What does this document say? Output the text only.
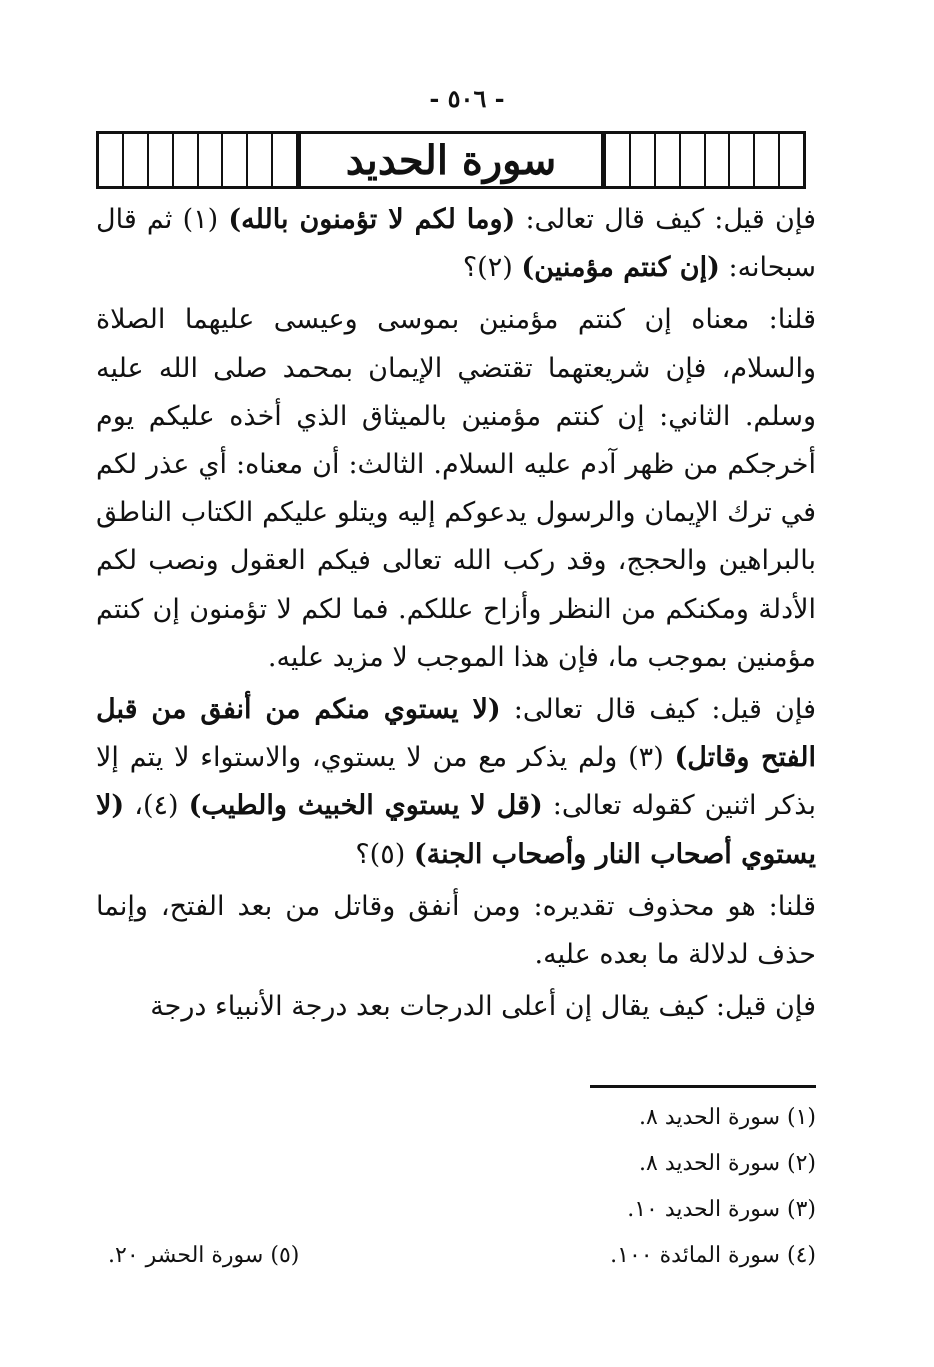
- ٥٠٦ -
سورة الحديد

فإن قيل: كيف قال تعالى: (وما لكم لا تؤمنون بالله) (١) ثم قال سبحانه: (إن كنتم مؤمنين) (٢)؟

قلنا: معناه إن كنتم مؤمنين بموسى وعيسى عليهما الصلاة والسلام، فإن شريعتهما تقتضي الإيمان بمحمد صلى الله عليه وسلم. الثاني: إن كنتم مؤمنين بالميثاق الذي أخذه عليكم يوم أخرجكم من ظهر آدم عليه السلام. الثالث: أن معناه: أي عذر لكم في ترك الإيمان والرسول يدعوكم إليه ويتلو عليكم الكتاب الناطق بالبراهين والحجج، وقد ركب الله تعالى فيكم العقول ونصب لكم الأدلة ومكنكم من النظر وأزاح عللكم. فما لكم لا تؤمنون إن كنتم مؤمنين بموجب ما، فإن هذا الموجب لا مزيد عليه.

فإن قيل: كيف قال تعالى: (لا يستوي منكم من أنفق من قبل الفتح وقاتل) (٣) ولم يذكر مع من لا يستوي، والاستواء لا يتم إلا بذكر اثنين كقوله تعالى: (قل لا يستوي الخبيث والطيب) (٤)، (لا يستوي أصحاب النار وأصحاب الجنة) (٥)؟

قلنا: هو محذوف تقديره: ومن أنفق وقاتل من بعد الفتح، وإنما حذف لدلالة ما بعده عليه.

فإن قيل: كيف يقال إن أعلى الدرجات بعد درجة الأنبياء درجة

(١) سورة الحديد ٨.
(٢) سورة الحديد ٨.
(٣) سورة الحديد ١٠.
(٤) سورة المائدة ١٠٠.
(٥) سورة الحشر ٢٠.
